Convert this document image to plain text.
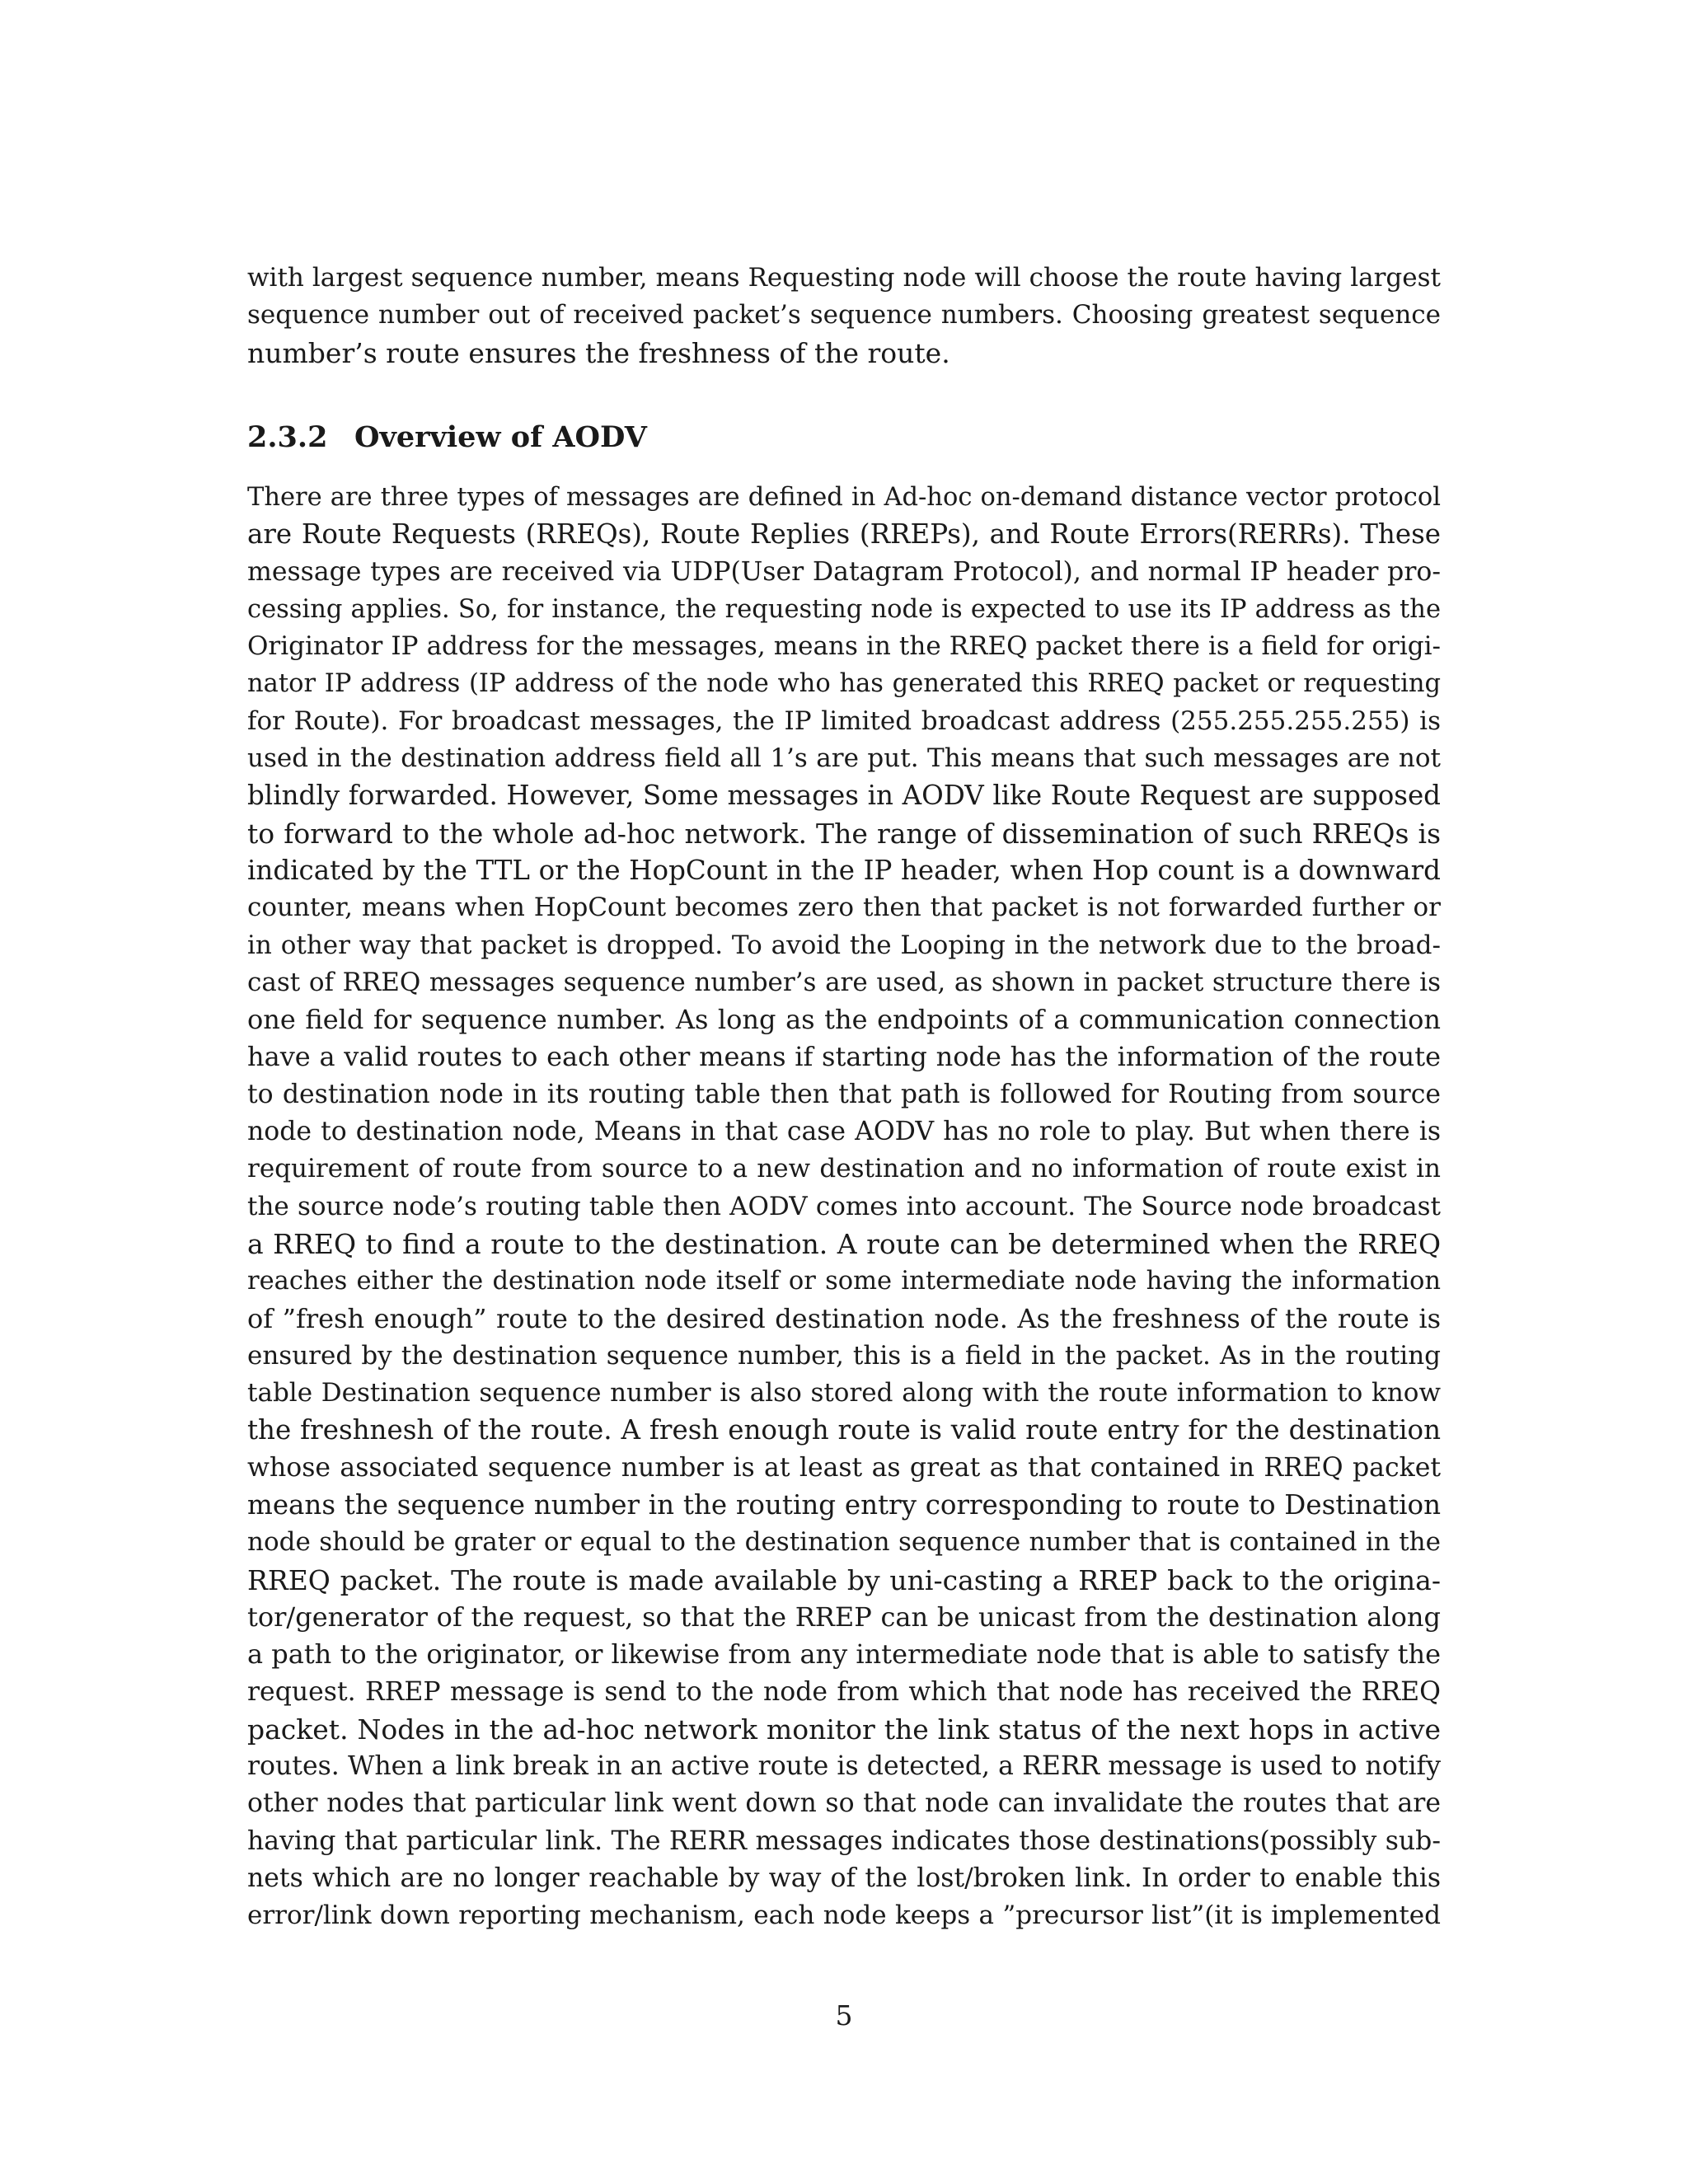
with largest sequence number, means Requesting node will choose the route having largest
sequence number out of received packet’s sequence numbers. Choosing greatest sequence
number’s route ensures the freshness of the route.
2.3.2 Overview of AODV
There are three types of messages are defined in Ad-hoc on-demand distance vector protocol
are Route Requests (RREQs), Route Replies (RREPs), and Route Errors(RERRs). These
message types are received via UDP(User Datagram Protocol), and normal IP header pro-
cessing applies. So, for instance, the requesting node is expected to use its IP address as the
Originator IP address for the messages, means in the RREQ packet there is a field for origi-
nator IP address (IP address of the node who has generated this RREQ packet or requesting
for Route). For broadcast messages, the IP limited broadcast address (255.255.255.255) is
used in the destination address field all 1’s are put. This means that such messages are not
blindly forwarded. However, Some messages in AODV like Route Request are supposed
to forward to the whole ad-hoc network. The range of dissemination of such RREQs is
indicated by the TTL or the HopCount in the IP header, when Hop count is a downward
counter, means when HopCount becomes zero then that packet is not forwarded further or
in other way that packet is dropped. To avoid the Looping in the network due to the broad-
cast of RREQ messages sequence number’s are used, as shown in packet structure there is
one field for sequence number. As long as the endpoints of a communication connection
have a valid routes to each other means if starting node has the information of the route
to destination node in its routing table then that path is followed for Routing from source
node to destination node, Means in that case AODV has no role to play. But when there is
requirement of route from source to a new destination and no information of route exist in
the source node’s routing table then AODV comes into account. The Source node broadcast
a RREQ to find a route to the destination. A route can be determined when the RREQ
reaches either the destination node itself or some intermediate node having the information
of ”fresh enough” route to the desired destination node. As the freshness of the route is
ensured by the destination sequence number, this is a field in the packet. As in the routing
table Destination sequence number is also stored along with the route information to know
the freshnesh of the route. A fresh enough route is valid route entry for the destination
whose associated sequence number is at least as great as that contained in RREQ packet
means the sequence number in the routing entry corresponding to route to Destination
node should be grater or equal to the destination sequence number that is contained in the
RREQ packet. The route is made available by uni-casting a RREP back to the origina-
tor/generator of the request, so that the RREP can be unicast from the destination along
a path to the originator, or likewise from any intermediate node that is able to satisfy the
request. RREP message is send to the node from which that node has received the RREQ
packet. Nodes in the ad-hoc network monitor the link status of the next hops in active
routes. When a link break in an active route is detected, a RERR message is used to notify
other nodes that particular link went down so that node can invalidate the routes that are
having that particular link. The RERR messages indicates those destinations(possibly sub-
nets which are no longer reachable by way of the lost/broken link. In order to enable this
error/link down reporting mechanism, each node keeps a ”precursor list”(it is implemented
5
